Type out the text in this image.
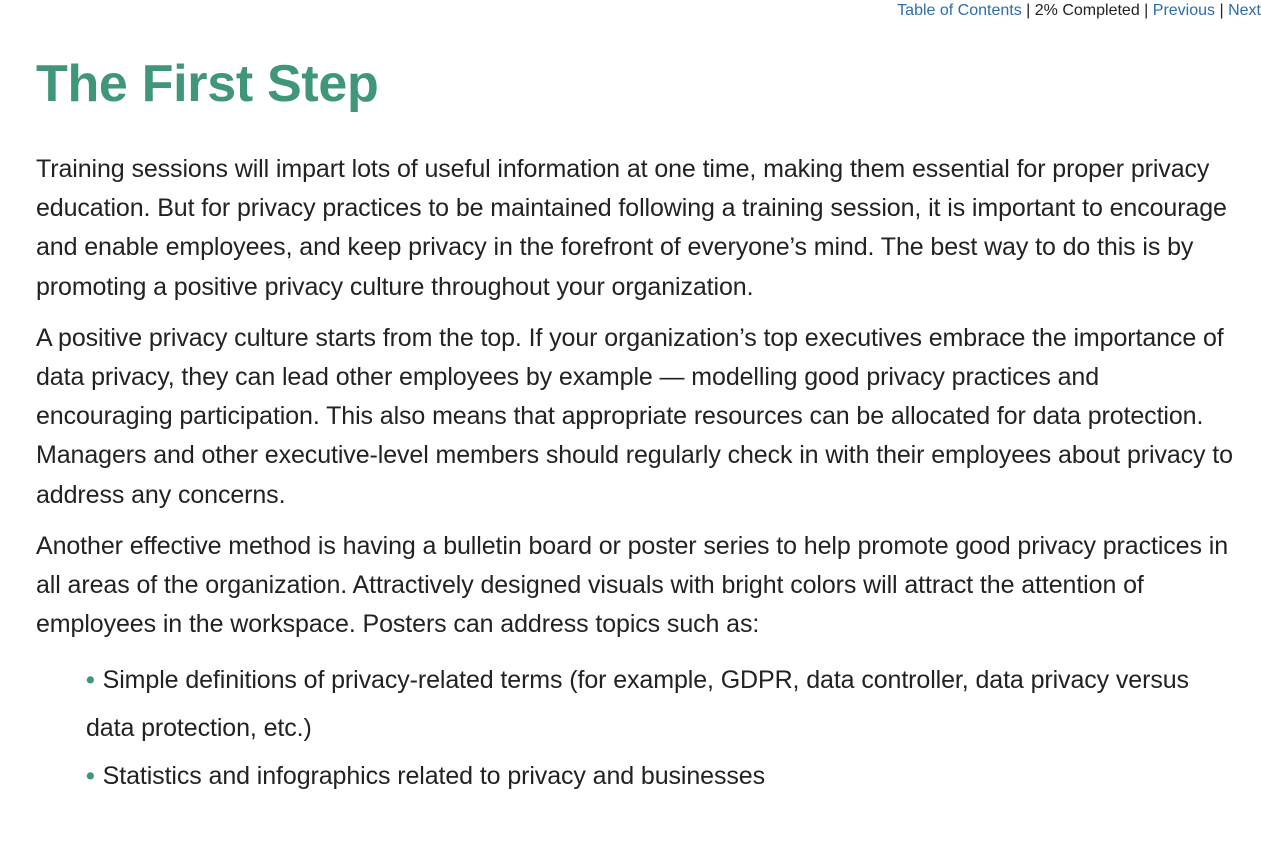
Table of Contents | 2% Completed | Previous | Next
The First Step

Training sessions will impart lots of useful information at one time, making them essential for proper privacy education. But for privacy practices to be maintained following a training session, it is important to encourage and enable employees, and keep privacy in the forefront of everyone’s mind. The best way to do this is by promoting a positive privacy culture throughout your organization.

A positive privacy culture starts from the top. If your organization’s top executives embrace the importance of data privacy, they can lead other employees by example — modelling good privacy practices and encouraging participation. This also means that appropriate resources can be allocated for data protection. Managers and other executive-level members should regularly check in with their employees about privacy to address any concerns.

Another effective method is having a bulletin board or poster series to help promote good privacy practices in all areas of the organization. Attractively designed visuals with bright colors will attract the attention of employees in the workspace. Posters can address topics such as:

• Simple definitions of privacy-related terms (for example, GDPR, data controller, data privacy versus data protection, etc.)
• Statistics and infographics related to privacy and businesses
